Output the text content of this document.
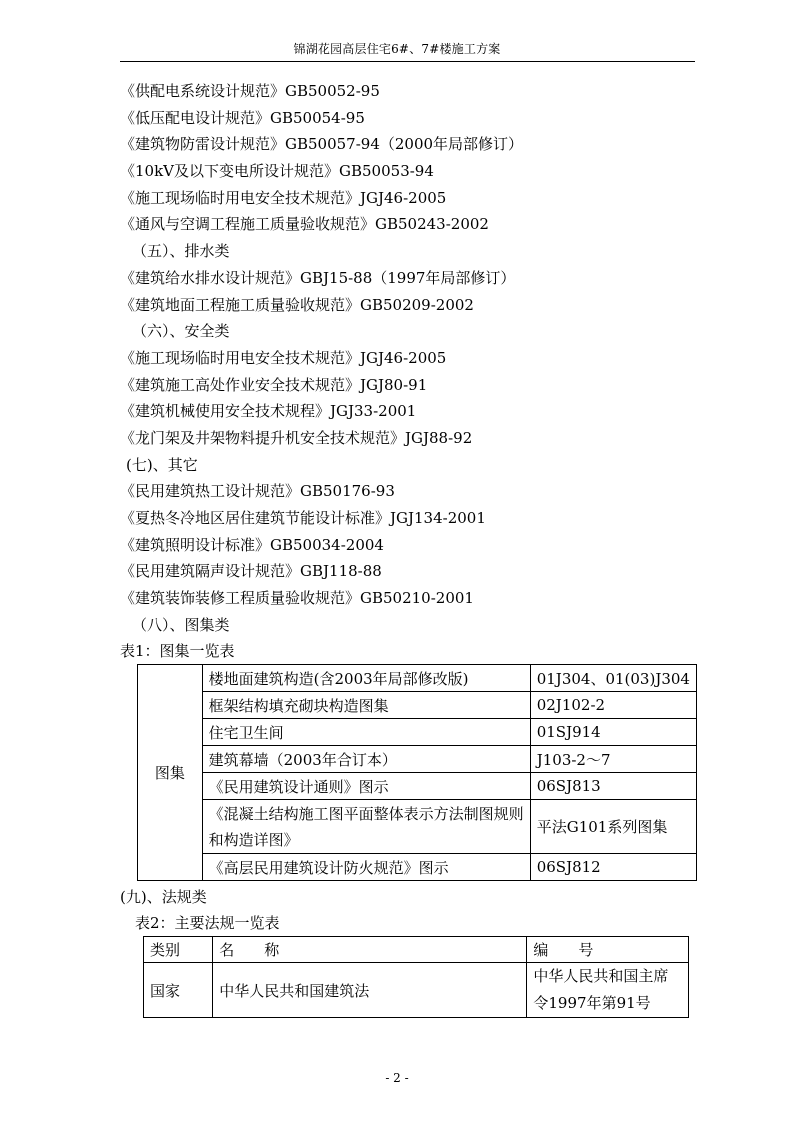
锦湖花园高层住宅6#、7#楼施工方案
《供配电系统设计规范》GB50052-95
《低压配电设计规范》GB50054-95
《建筑物防雷设计规范》GB50057-94（2000年局部修订）
《10kV及以下变电所设计规范》GB50053-94
《施工现场临时用电安全技术规范》JGJ46-2005
《通风与空调工程施工质量验收规范》GB50243-2002
（五）、排水类
《建筑给水排水设计规范》GBJ15-88（1997年局部修订）
《建筑地面工程施工质量验收规范》GB50209-2002
（六）、安全类
《施工现场临时用电安全技术规范》JGJ46-2005
《建筑施工高处作业安全技术规范》JGJ80-91
《建筑机械使用安全技术规程》JGJ33-2001
《龙门架及井架物料提升机安全技术规范》JGJ88-92
(七)、其它
《民用建筑热工设计规范》GB50176-93
《夏热冬冷地区居住建筑节能设计标准》JGJ134-2001
《建筑照明设计标准》GB50034-2004
《民用建筑隔声设计规范》GBJ118-88
《建筑装饰装修工程质量验收规范》GB50210-2001
（八）、图集类
表1：图集一览表
图集	楼地面建筑构造(含2003年局部修改版)	01J304、01(03)J304
	框架结构填充砌块构造图集	02J102-2
	住宅卫生间	01SJ914
	建筑幕墙（2003年合订本）	J103-2～7
	《民用建筑设计通则》图示	06SJ813
	《混凝土结构施工图平面整体表示方法制图规则和构造详图》	平法G101系列图集
	《高层民用建筑设计防火规范》图示	06SJ812
(九)、法规类
表2：主要法规一览表
类别	名　　称	编　　号
国家	中华人民共和国建筑法	中华人民共和国主席令1997年第91号
- 2 -
